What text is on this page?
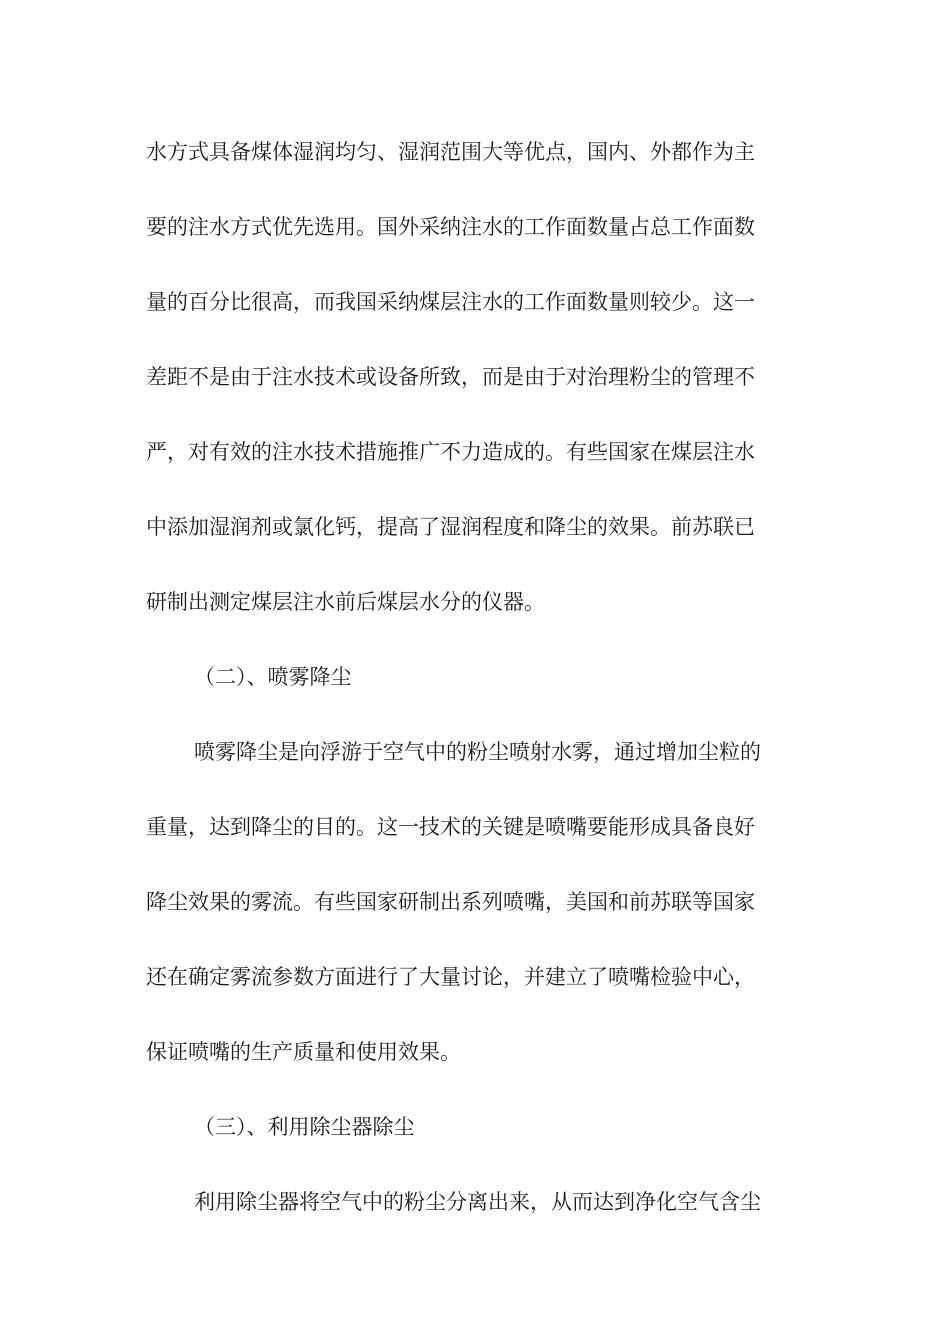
水方式具备煤体湿润均匀、湿润范围大等优点，国内、外都作为主

要的注水方式优先选用。国外采纳注水的工作面数量占总工作面数

量的百分比很高，而我国采纳煤层注水的工作面数量则较少。这一

差距不是由于注水技术或设备所致，而是由于对治理粉尘的管理不

严，对有效的注水技术措施推广不力造成的。有些国家在煤层注水

中添加湿润剂或氯化钙，提高了湿润程度和降尘的效果。前苏联已

研制出测定煤层注水前后煤层水分的仪器。

（二）、喷雾降尘

喷雾降尘是向浮游于空气中的粉尘喷射水雾，通过增加尘粒的

重量，达到降尘的目的。这一技术的关键是喷嘴要能形成具备良好

降尘效果的雾流。有些国家研制出系列喷嘴，美国和前苏联等国家

还在确定雾流参数方面进行了大量讨论，并建立了喷嘴检验中心，

保证喷嘴的生产质量和使用效果。

（三）、利用除尘器除尘

利用除尘器将空气中的粉尘分离出来，从而达到净化空气含尘
